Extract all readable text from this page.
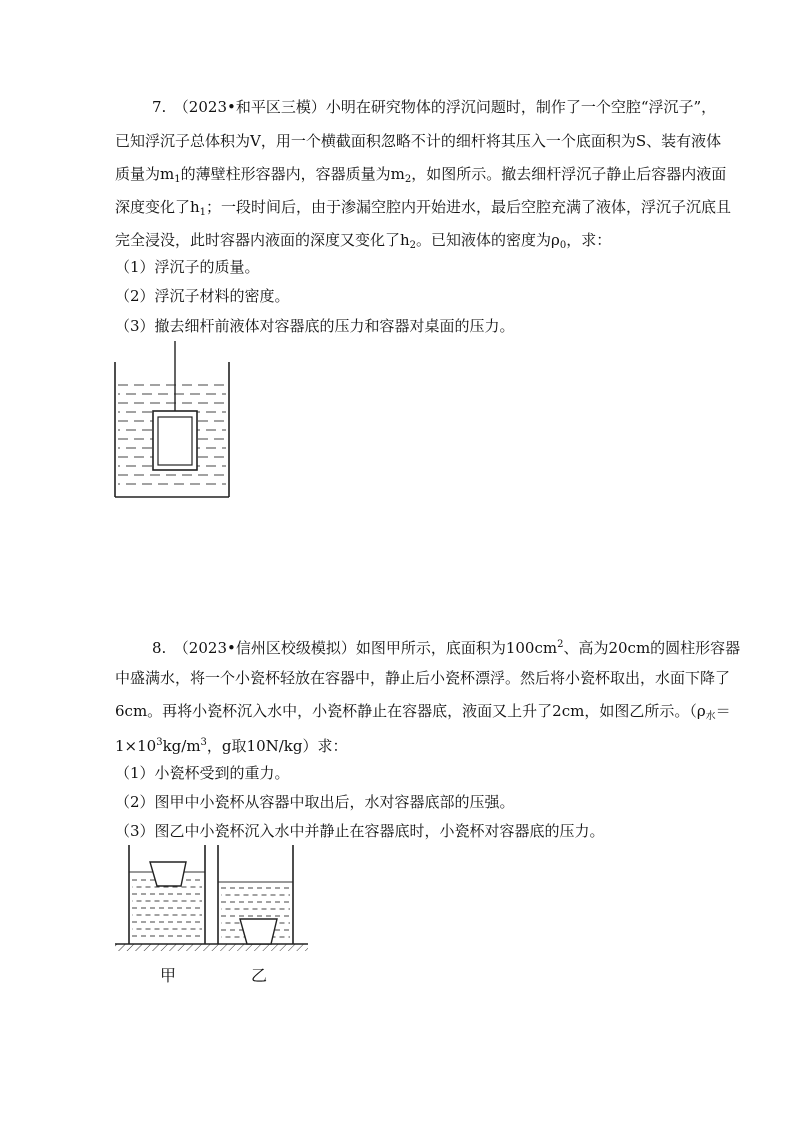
7.　（2023•和平区三模）小明在研究物体的浮沉问题时，制作了一个空腔“浮沉子”，
已知浮沉子总体积为V，用一个横截面积忽略不计的细杆将其压入一个底面积为S、装有液体
质量为$m_1$的薄壁柱形容器内，容器质量为$m_2$，如图所示。撤去细杆浮沉子静止后容器内液面
深度变化了$h_1$；一段时间后，由于渗漏空腔内开始进水，最后空腔充满了液体，浮沉子沉底且
完全浸没，此时容器内液面的深度又变化了$h_2$。已知液体的密度为$\rho_0$，求：
（1）浮沉子的质量。
（2）浮沉子材料的密度。
（3）撤去细杆前液体对容器底的压力和容器对桌面的压力。
8.　（2023•信州区校级模拟）如图甲所示，底面积为$100cm^2$、高为20cm的圆柱形容器
中盛满水，将一个小瓷杯轻放在容器中，静止后小瓷杯漂浮。然后将小瓷杯取出，水面下降了
6cm。再将小瓷杯沉入水中，小瓷杯静止在容器底，液面又上升了2cm，如图乙所示。（$\rho_水=$
$1\times 10^3kg/m^3$，g取10N/kg）求：
（1）小瓷杯受到的重力。
（2）图甲中小瓷杯从容器中取出后，水对容器底部的压强。
（3）图乙中小瓷杯沉入水中并静止在容器底时，小瓷杯对容器底的压力。
甲	乙
